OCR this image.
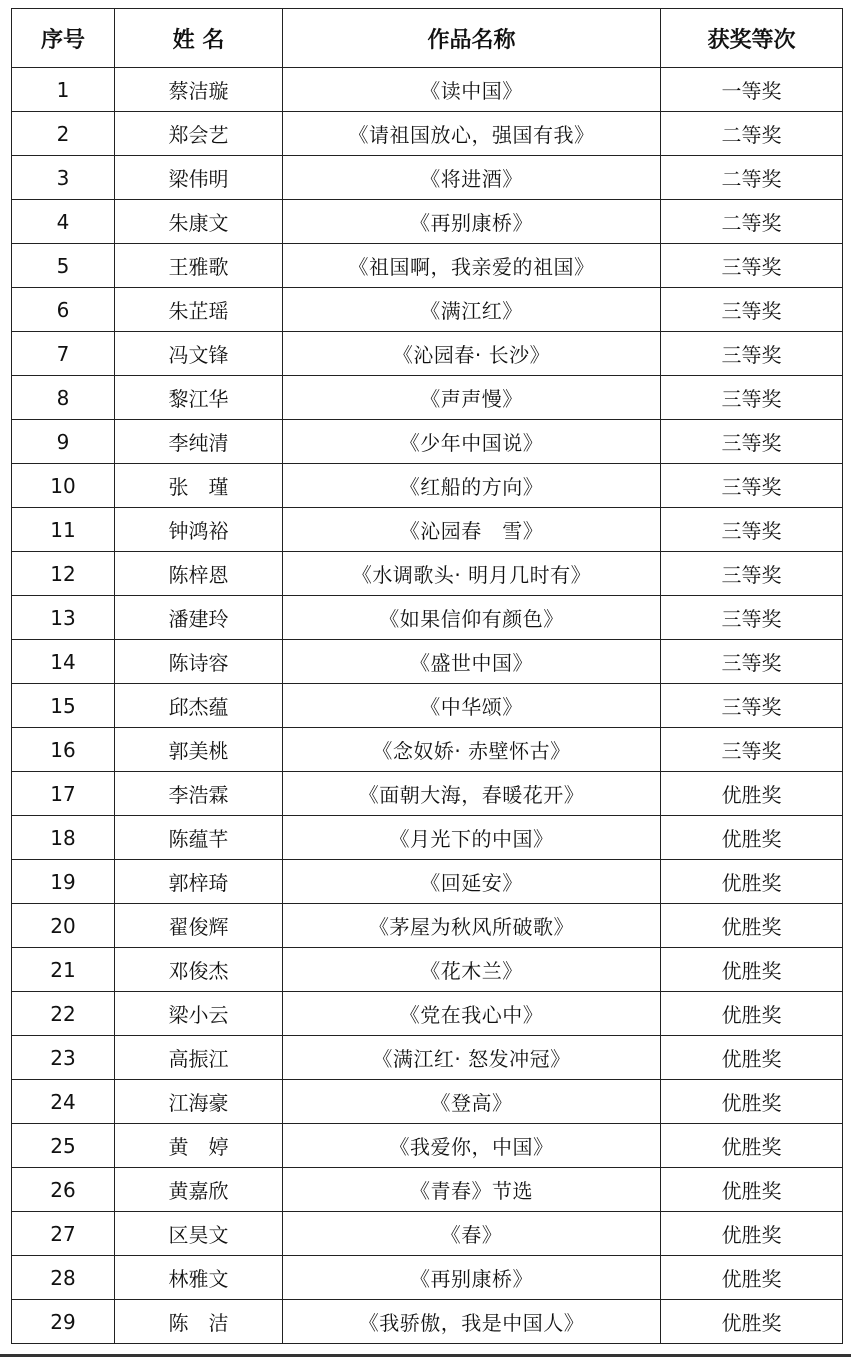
序号	姓 名	作品名称	获奖等次
1	蔡洁璇	《读中国》	一等奖
2	郑会艺	《请祖国放心，强国有我》	二等奖
3	梁伟明	《将进酒》	二等奖
4	朱康文	《再别康桥》	二等奖
5	王雅歌	《祖国啊，我亲爱的祖国》	三等奖
6	朱芷瑶	《满江红》	三等奖
7	冯文锋	《沁园春· 长沙》	三等奖
8	黎江华	《声声慢》	三等奖
9	李纯清	《少年中国说》	三等奖
10	张　瑾	《红船的方向》	三等奖
11	钟鸿裕	《沁园春　雪》	三等奖
12	陈梓恩	《水调歌头· 明月几时有》	三等奖
13	潘建玲	《如果信仰有颜色》	三等奖
14	陈诗容	《盛世中国》	三等奖
15	邱杰蕴	《中华颂》	三等奖
16	郭美桃	《念奴娇· 赤壁怀古》	三等奖
17	李浩霖	《面朝大海，春暖花开》	优胜奖
18	陈蕴芊	《月光下的中国》	优胜奖
19	郭梓琦	《回延安》	优胜奖
20	翟俊辉	《茅屋为秋风所破歌》	优胜奖
21	邓俊杰	《花木兰》	优胜奖
22	梁小云	《党在我心中》	优胜奖
23	高振江	《满江红· 怒发冲冠》	优胜奖
24	江海豪	《登高》	优胜奖
25	黄　婷	《我爱你，中国》	优胜奖
26	黄嘉欣	《青春》节选	优胜奖
27	区昊文	《春》	优胜奖
28	林雅文	《再别康桥》	优胜奖
29	陈　洁	《我骄傲，我是中国人》	优胜奖
